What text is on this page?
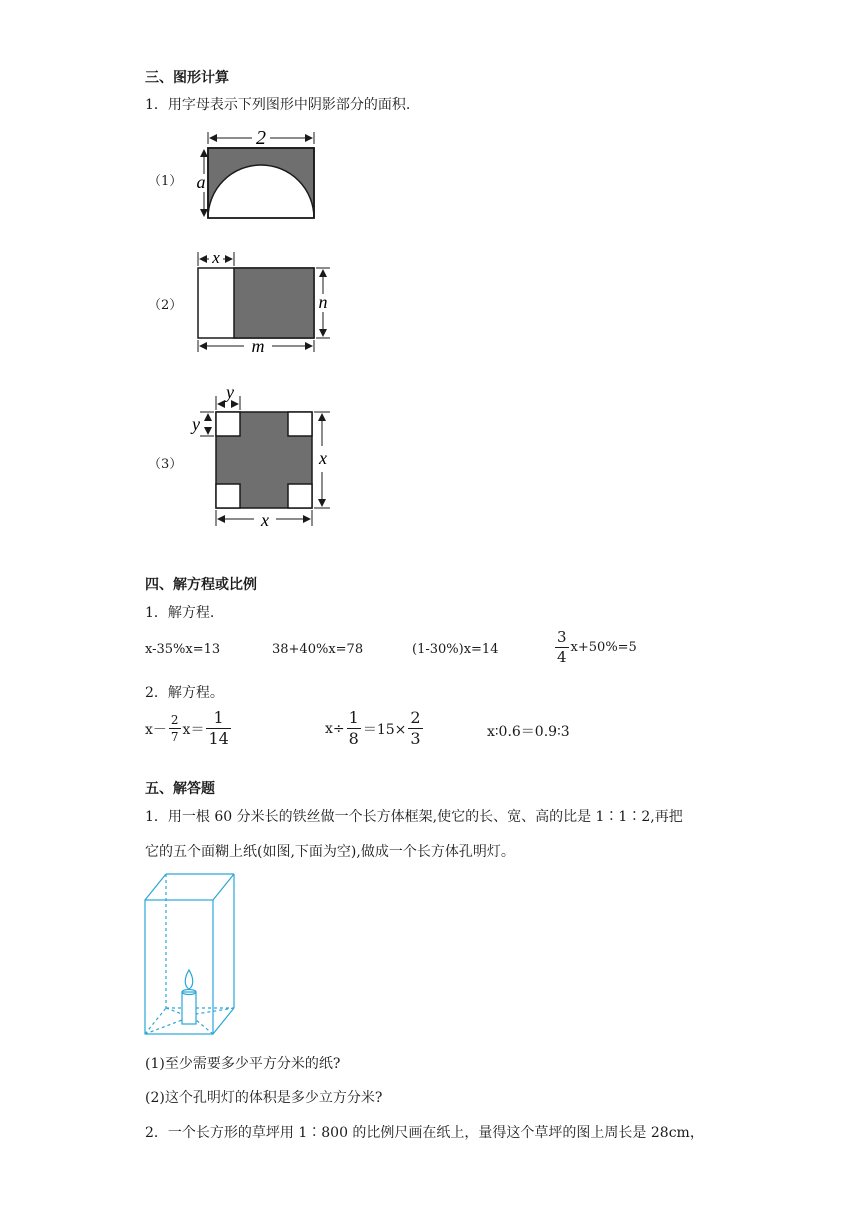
三、图形计算
1．用字母表示下列图形中阴影部分的面积.
（1）
2
a
（2）
x
n
m
（3）
y
y
x
x
四、解方程或比例
1．解方程.
x-35%x=13	38+40%x=78	(1-30%)x=14	$\frac{3}{4} x+50\%=5$
2．解方程。
$x- \frac{2}{7} x= \frac{1}{14}$	$x\div \frac{1}{8} =15\times \frac{2}{3}$	x∶0.6＝0.9∶3
五、解答题
1．用一根 60 分米长的铁丝做一个长方体框架,使它的长、宽、高的比是 1∶1∶2,再把
它的五个面糊上纸(如图,下面为空),做成一个长方体孔明灯。
(1)至少需要多少平方分米的纸?
(2)这个孔明灯的体积是多少立方分米?
2．一个长方形的草坪用 1∶800 的比例尺画在纸上，量得这个草坪的图上周长是 28cm，
